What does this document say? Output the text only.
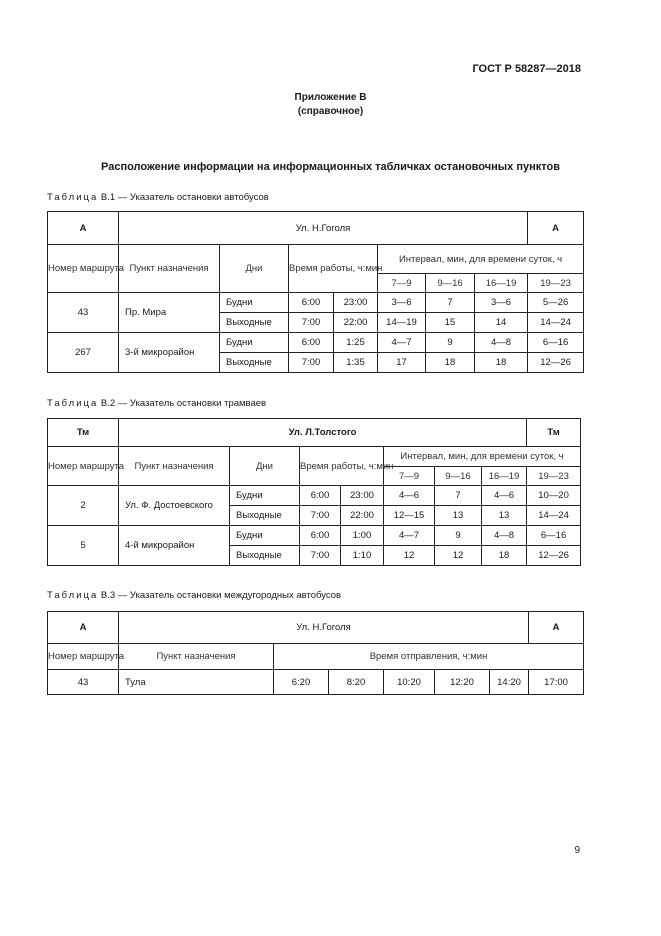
ГОСТ Р 58287—2018
Приложение В
(справочное)
Расположение информации на информационных табличках остановочных пунктов
Таблица В.1 — Указатель остановки автобусов
А	Ул. Н.Гоголя							А
Номер маршрута	Пункт назначения	Дни	Время работы, ч:мин		Интервал, мин, для времени суток, ч			
					7—9	9—16	16—19	19—23
43	Пр. Мира	Будни	6:00	23:00	3—6	7	3—6	5—26
		Выходные	7:00	22:00	14—19	15	14	14—24
267	3-й микрорайон	Будни	6:00	1:25	4—7	9	4—8	6—16
		Выходные	7:00	1:35	17	18	18	12—26
Таблица В.2 — Указатель остановки трамваев
Тм	Ул. Л.Толстого							Тм
Номер маршрута	Пункт назначения	Дни	Время работы, ч:мин		Интервал, мин, для времени суток, ч			
					7—9	9—16	16—19	19—23
2	Ул. Ф. Достоевского	Будни	6:00	23:00	4—6	7	4—6	10—20
		Выходные	7:00	22:00	12—15	13	13	14—24
5	4-й микрорайон	Будни	6:00	1:00	4—7	9	4—8	6—16
		Выходные	7:00	1:10	12	12	18	12—26
Таблица В.3 — Указатель остановки междугородных автобусов
А	Ул. Н.Гоголя						А
Номер маршрута	Пункт назначения	Время отправления, ч:мин					
43	Тула	6:20	8:20	10:20	12:20	14:20	17:00
9
